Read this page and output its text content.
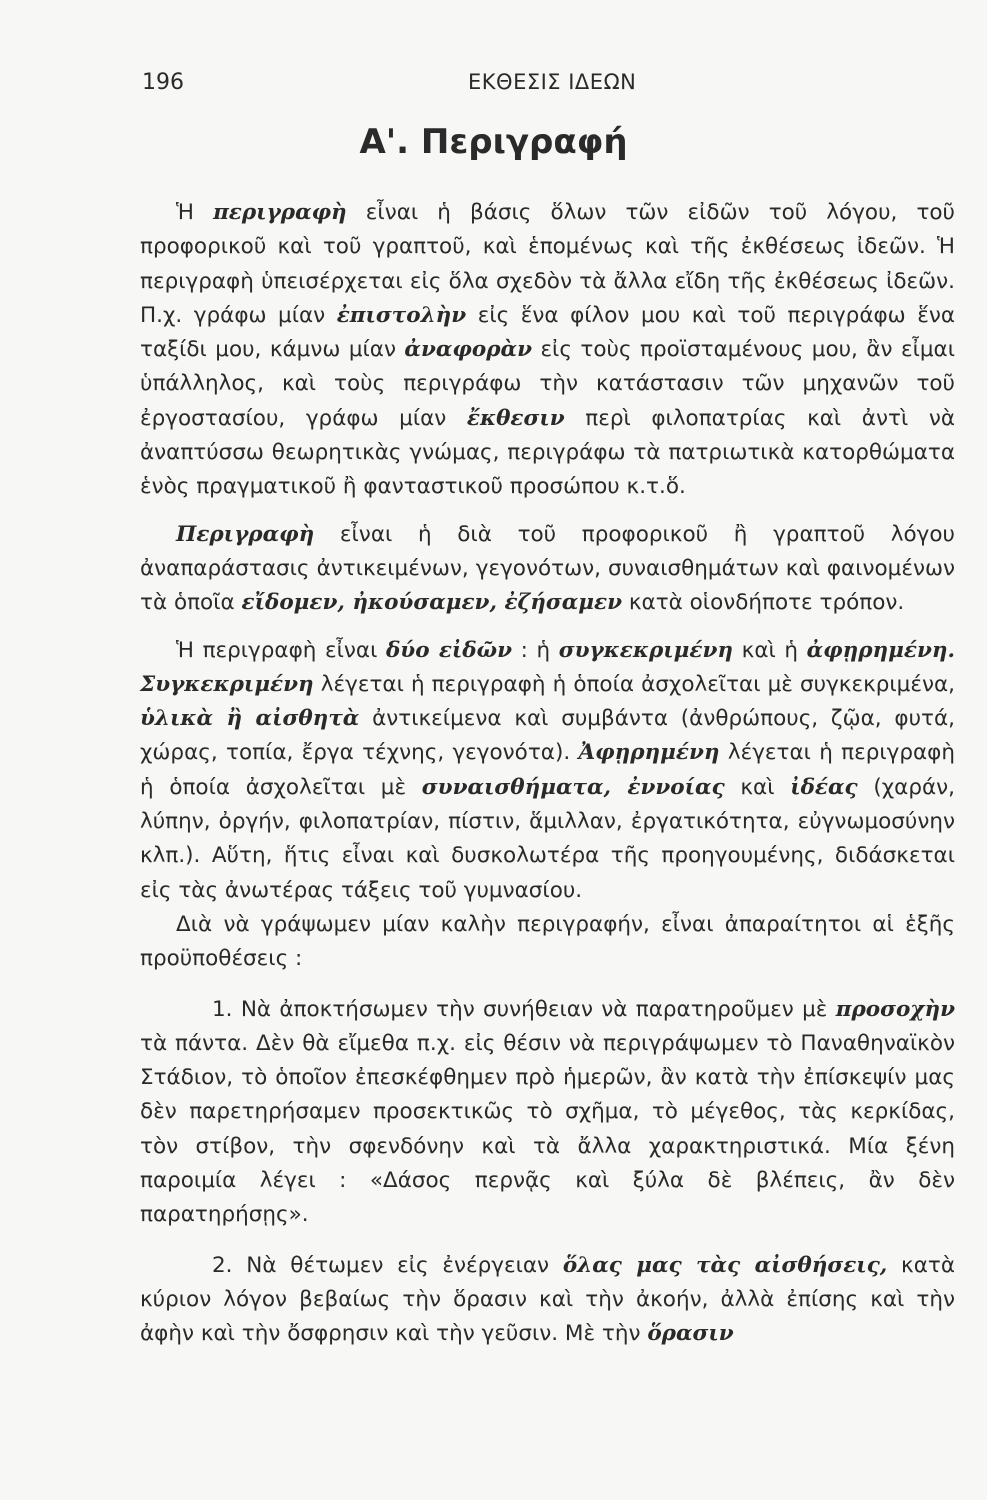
196	ΕΚΘΕΣΙΣ ΙΔΕΩΝ
Α'. Περιγραφή

Ἡ περιγραφὴ εἶναι ἡ βάσις ὅλων τῶν εἰδῶν τοῦ λόγου, τοῦ προφορικοῦ καὶ τοῦ γραπτοῦ, καὶ ἑπομένως καὶ τῆς ἐκθέσεως ἰδεῶν. Ἡ περιγραφὴ ὑπεισέρχεται εἰς ὅλα σχεδὸν τὰ ἄλλα εἴδη τῆς ἐκθέσεως ἰδεῶν. Π.χ. γράφω μίαν ἐπιστολὴν εἰς ἕνα φίλον μου καὶ τοῦ περιγράφω ἕνα ταξίδι μου, κάμνω μίαν ἀναφορὰν εἰς τοὺς προϊσταμένους μου, ἂν εἶμαι ὑπάλληλος, καὶ τοὺς περιγράφω τὴν κατάστασιν τῶν μηχανῶν τοῦ ἐργοστασίου, γράφω μίαν ἔκθεσιν περὶ φιλοπατρίας καὶ ἀντὶ νὰ ἀναπτύσσω θεωρητικὰς γνώμας, περιγράφω τὰ πατριωτικὰ κατορθώματα ἑνὸς πραγματικοῦ ἢ φανταστικοῦ προσώπου κ.τ.ὅ.

Περιγραφὴ εἶναι ἡ διὰ τοῦ προφορικοῦ ἢ γραπτοῦ λόγου ἀναπαράστασις ἀντικειμένων, γεγονότων, συναισθημάτων καὶ φαινομένων τὰ ὁποῖα εἴδομεν, ἠκούσαμεν, ἐζήσαμεν κατὰ οἱονδήποτε τρόπον.

Ἡ περιγραφὴ εἶναι δύο εἰδῶν : ἡ συγκεκριμένη καὶ ἡ ἀφῃρημένη. Συγκεκριμένη λέγεται ἡ περιγραφὴ ἡ ὁποία ἀσχολεῖται μὲ συγκεκριμένα, ὑλικὰ ἢ αἰσθητὰ ἀντικείμενα καὶ συμβάντα (ἀνθρώπους, ζῷα, φυτά, χώρας, τοπία, ἔργα τέχνης, γεγονότα). Ἀφῃρημένη λέγεται ἡ περιγραφὴ ἡ ὁποία ἀσχολεῖται μὲ συναισθήματα, ἐννοίας καὶ ἰδέας (χαράν, λύπην, ὀργήν, φιλοπατρίαν, πίστιν, ἅμιλλαν, ἐργατικότητα, εὐγνωμοσύνην κλπ.). Αὕτη, ἥτις εἶναι καὶ δυσκολωτέρα τῆς προηγουμένης, διδάσκεται εἰς τὰς ἀνωτέρας τάξεις τοῦ γυμνασίου.

Διὰ νὰ γράψωμεν μίαν καλὴν περιγραφήν, εἶναι ἀπαραίτητοι αἱ ἑξῆς προϋποθέσεις :

1. Νὰ ἀποκτήσωμεν τὴν συνήθειαν νὰ παρατηροῦμεν μὲ προσοχὴν τὰ πάντα. Δὲν θὰ εἴμεθα π.χ. εἰς θέσιν νὰ περιγράψωμεν τὸ Παναθηναϊκὸν Στάδιον, τὸ ὁποῖον ἐπεσκέφθημεν πρὸ ἡμερῶν, ἂν κατὰ τὴν ἐπίσκεψίν μας δὲν παρετηρήσαμεν προσεκτικῶς τὸ σχῆμα, τὸ μέγεθος, τὰς κερκίδας, τὸν στίβον, τὴν σφενδόνην καὶ τὰ ἄλλα χαρακτηριστικά. Μία ξένη παροιμία λέγει : «Δάσος περνᾷς καὶ ξύλα δὲ βλέπεις, ἂν δὲν παρατηρήσῃς».

2. Νὰ θέτωμεν εἰς ἐνέργειαν ὅλας μας τὰς αἰσθήσεις, κατὰ κύριον λόγον βεβαίως τὴν ὅρασιν καὶ τὴν ἀκοήν, ἀλλὰ ἐπίσης καὶ τὴν ἀφὴν καὶ τὴν ὄσφρησιν καὶ τὴν γεῦσιν. Μὲ τὴν ὅρασιν
